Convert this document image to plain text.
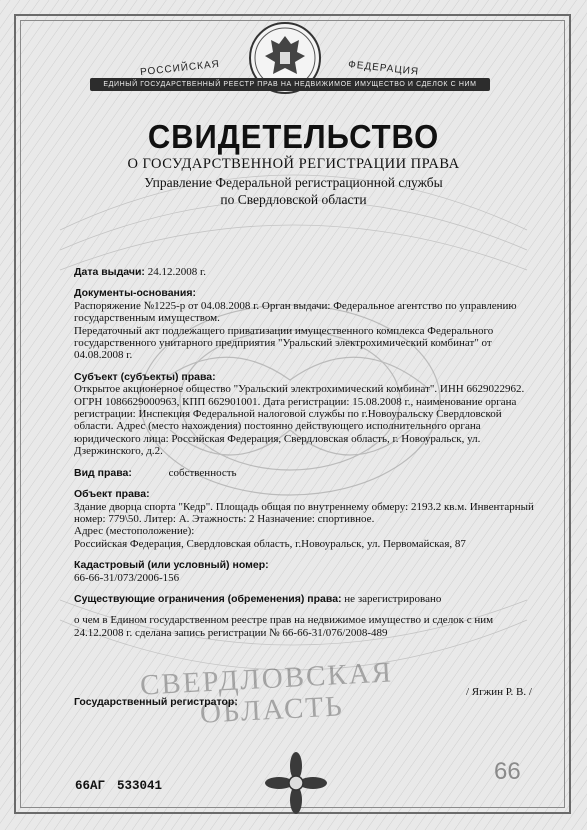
РОССИЙСКАЯ	ФЕДЕРАЦИЯ
ЕДИНЫЙ ГОСУДАРСТВЕННЫЙ РЕЕСТР ПРАВ НА НЕДВИЖИМОЕ ИМУЩЕСТВО И СДЕЛОК С НИМ
СВИДЕТЕЛЬСТВО
О ГОСУДАРСТВЕННОЙ РЕГИСТРАЦИИ ПРАВА
Управление Федеральной регистрационной службы
по Свердловской области

Дата выдачи: 24.12.2008 г.

Документы-основания:

Распоряжение №1225-р от 04.08.2008 г. Орган выдачи: Федеральное агентство по управлению государственным имуществом.

Передаточный акт подлежащего приватизации имущественного комплекса Федерального государственного унитарного предприятия "Уральский электрохимический комбинат" от 04.08.2008 г.

Субъект (субъекты) права:

Открытое акционерное общество "Уральский электрохимический комбинат". ИНН 6629022962. ОГРН 1086629000963, КПП 662901001. Дата регистрации: 15.08.2008 г., наименование органа регистрации: Инспекция Федеральной налоговой службы по г.Новоуральску Свердловской области. Адрес (место нахождения) постоянно действующего исполнительного органа юридического лица: Российская Федерация, Свердловская область, г. Новоуральск, ул. Дзержинского, д.2.

Вид права:	собственность

Объект права:

Здание дворца спорта "Кедр". Площадь общая по внутреннему обмеру: 2193.2 кв.м. Инвентарный номер: 779\50. Литер: А. Этажность: 2 Назначение: спортивное.

Адрес (местоположение):

Российская Федерация, Свердловская область, г.Новоуральск, ул. Первомайская, 87

Кадастровый (или условный) номер:

66-66-31/073/2006-156

Существующие ограничения (обременения) права: не зарегистрировано

о чем в Едином государственном реестре прав на недвижимое имущество и сделок с ним 24.12.2008 г. сделана запись регистрации № 66-66-31/076/2008-489

СВЕРДЛОВСКАЯ
ОБЛАСТЬ
Государственный регистратор:
/ Ягжин Р. В. /
66АГ 533041
66
